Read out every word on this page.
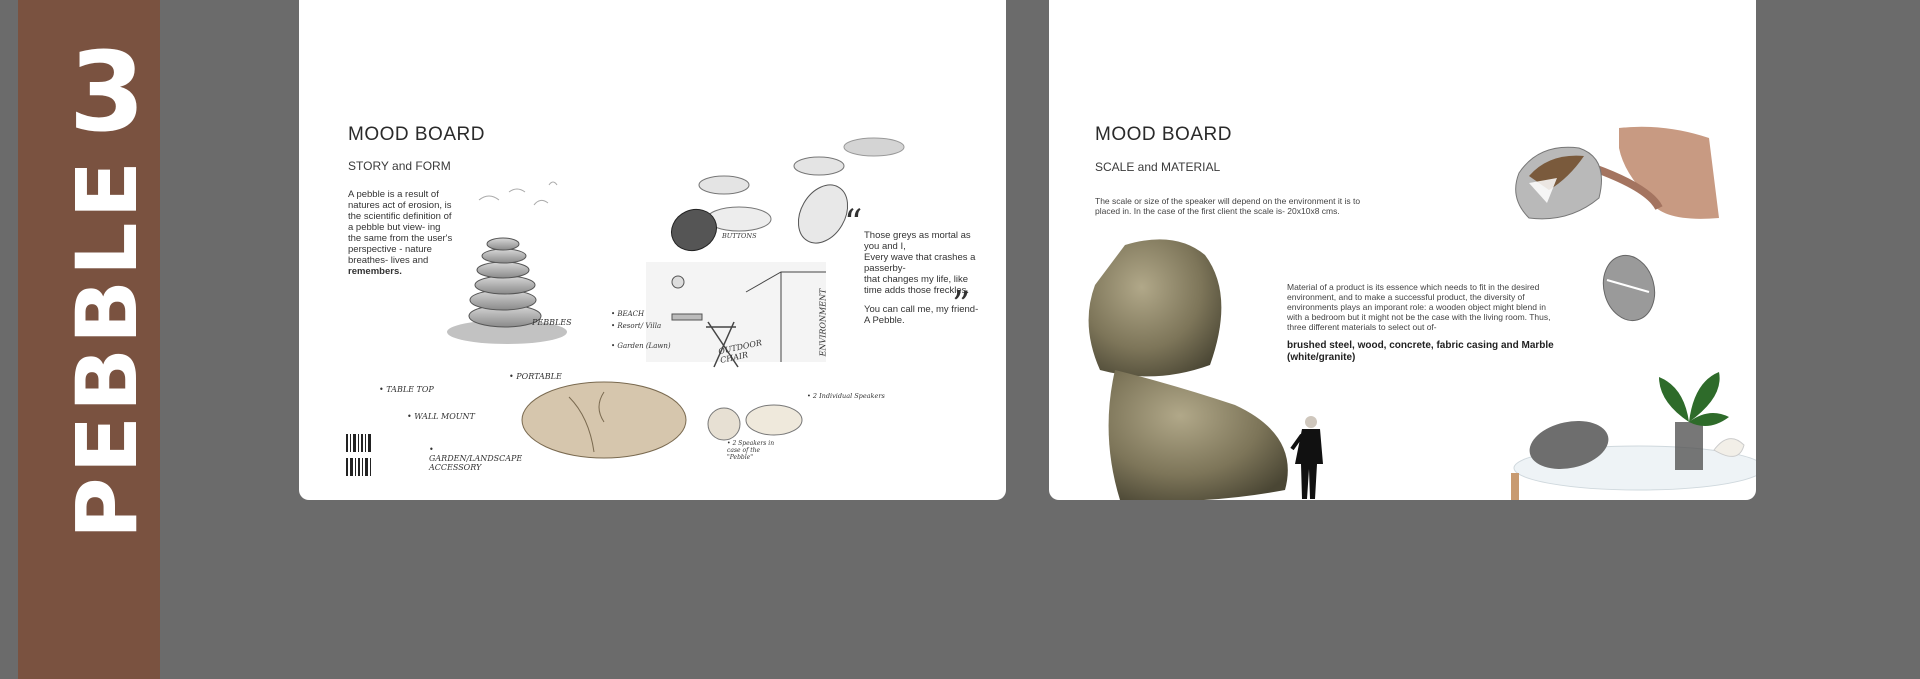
3
PEBBLE
MOOD BOARD
STORY and FORM
A pebble is a result of natures act of erosion, is the scientific definition of a pebble but view- ing the same from the user's perspective - nature breathes- lives and remembers.
PEBBLES
BUTTONS
OUTDOOR CHAIR
ENVIRONMENT
• BEACH
• Resort/ Villa
• Garden (Lawn)
“ Those greys as mortal as you and I,
Every wave that crashes a passerby-
that changes my life, like time adds those freckles.
You can call me, my friend- A Pebble.	”
• TABLE TOP
• PORTABLE
• WALL MOUNT
• GARDEN/LANDSCAPE ACCESSORY
• 2 Individual Speakers
• 2 Speakers in case of the "Pebble"
MOOD BOARD
SCALE and MATERIAL
The scale or size of the speaker will depend on the environment it is to placed in. In the case of the first client the scale is- 20x10x8 cms.
Material of a product is its essence which needs to fit in the desired environment, and to make a successful product, the diversity of environments plays an imporant role: a wooden object might blend in with a bedroom but it might not be the case with the living room. Thus, three different materials to select out of-
brushed steel, wood, concrete, fabric casing and Marble (white/granite)
